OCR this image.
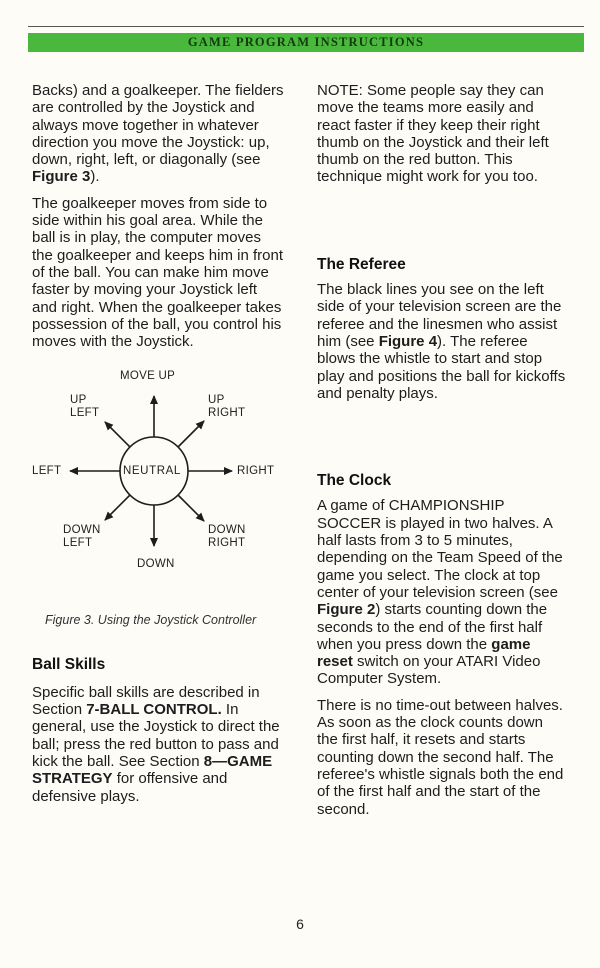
GAME PROGRAM INSTRUCTIONS

Backs) and a goalkeeper. The fielders are controlled by the Joystick and always move together in whatever direction you move the Joystick: up, down, right, left, or diagonally (see Figure 3).

The goalkeeper moves from side to side within his goal area. While the ball is in play, the computer moves the goalkeeper and keeps him in front of the ball. You can make him move faster by moving your Joystick left and right. When the goalkeeper takes possession of the ball, you control his moves with the Joystick.

MOVE UP
UP
LEFT
UP
RIGHT
LEFT	NEUTRAL	RIGHT
DOWN
LEFT
DOWN
RIGHT
DOWN

Figure 3. Using the Joystick Controller

Ball Skills

Specific ball skills are described in Section 7-BALL CONTROL. In general, use the Joystick to direct the ball; press the red button to pass and kick the ball. See Section 8—GAME STRATEGY for offensive and defensive plays.

NOTE: Some people say they can move the teams more easily and react faster if they keep their right thumb on the Joystick and their left thumb on the red button. This technique might work for you too.

The Referee

The black lines you see on the left side of your television screen are the referee and the linesmen who assist him (see Figure 4). The referee blows the whistle to start and stop play and positions the ball for kickoffs and penalty plays.

The Clock

A game of CHAMPIONSHIP SOCCER is played in two halves. A half lasts from 3 to 5 minutes, depending on the Team Speed of the game you select. The clock at top center of your television screen (see Figure 2) starts counting down the seconds to the end of the first half when you press down the game reset switch on your ATARI Video Computer System.

There is no time-out between halves. As soon as the clock counts down the first half, it resets and starts counting down the second half. The referee's whistle signals both the end of the first half and the start of the second.

6
